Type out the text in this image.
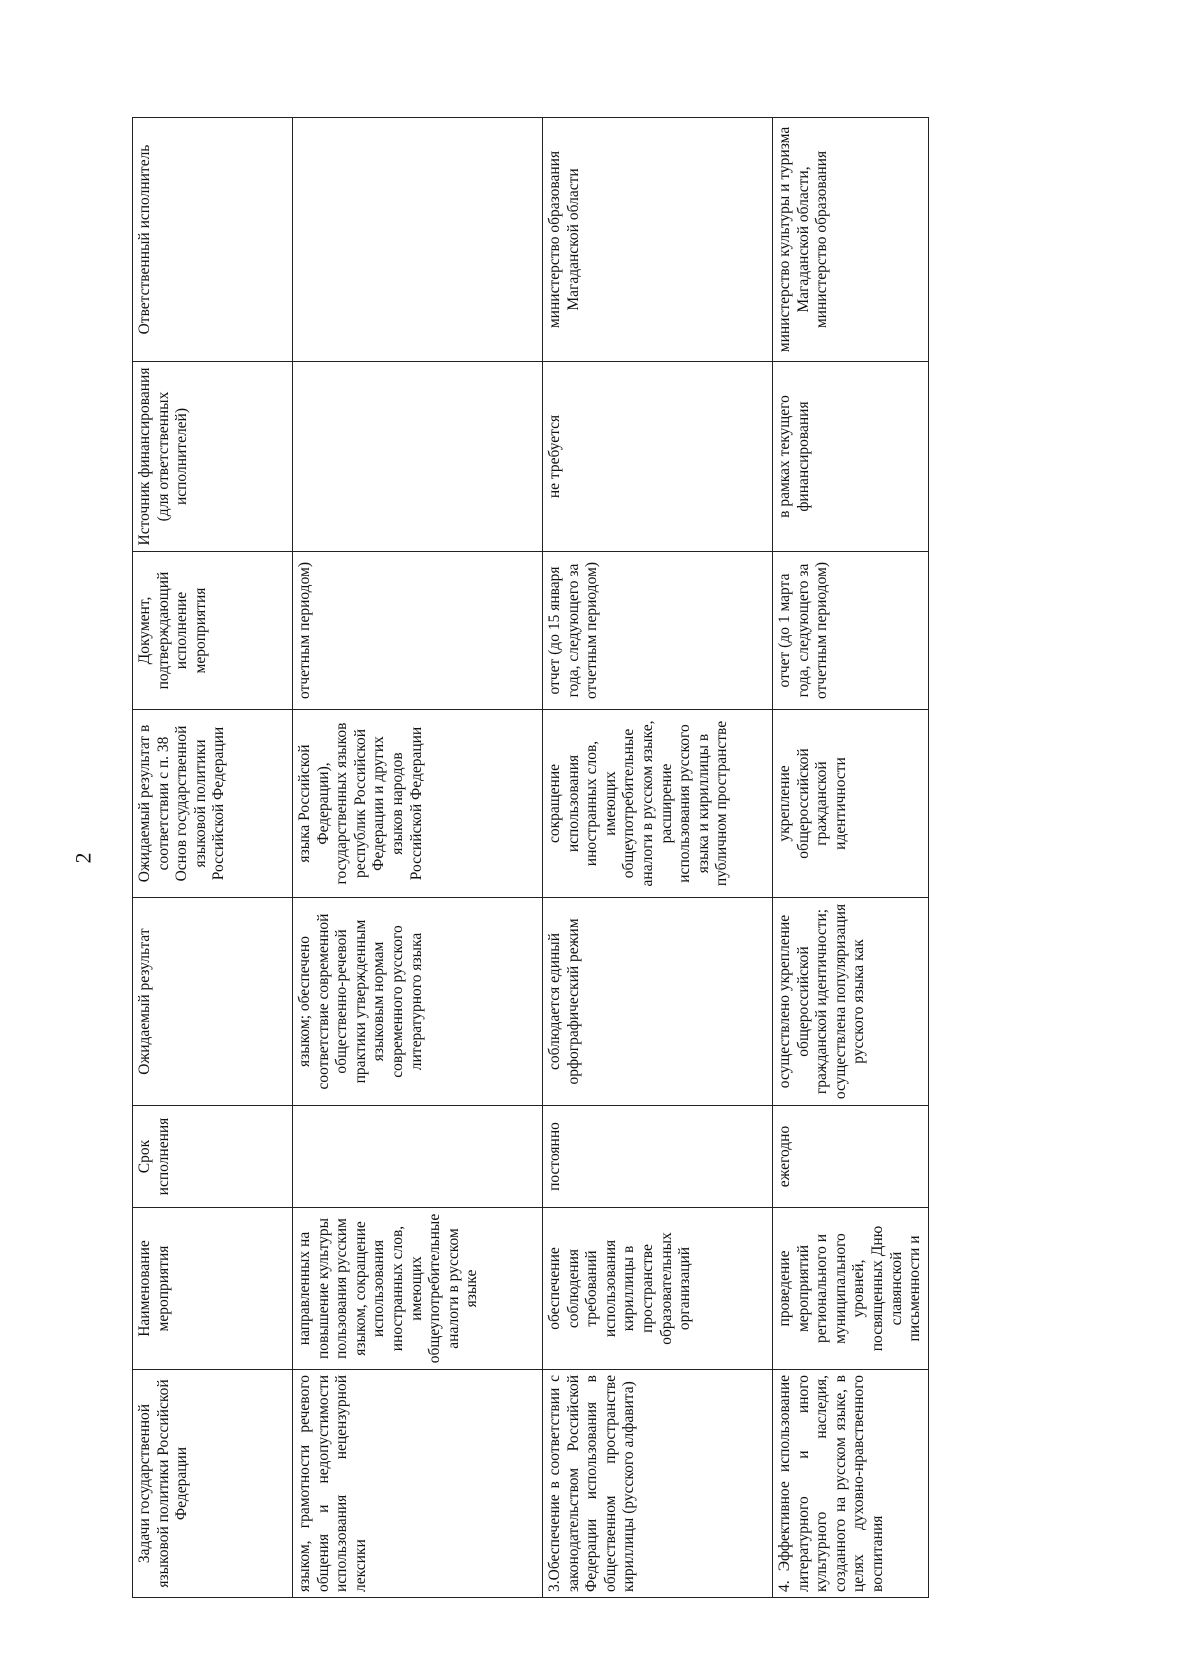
2
Задачи государственной языковой политики Российской Федерации	Наименование мероприятия	Срок исполнения	Ожидаемый результат	Ожидаемый результат в соответствии с п. 38 Основ государственной языковой политики Российской Федерации	Документ, подтверждающий исполнение мероприятия	Источник финансирования (для ответственных исполнителей)	Ответственный исполнитель
языком, грамотности речевого общения и недопустимости использования нецензурной лексики	направленных на повышение культуры пользования русским языком, сокращение использования иностранных слов, имеющих общеупотребительные аналоги в русском языке		языком; обеспечено соответствие современной общественно-речевой практики утвержденным языковым нормам современного русского литературного языка	языка Российской Федерации), государственных языков республик Российской Федерации и других языков народов Российской Федерации	отчетным периодом)		
3.Обеспечение в соответствии с законодательством Российской Федерации использования в общественном пространстве кириллицы (русского алфавита)	обеспечение соблюдения требований использования кириллицы в пространстве образовательных организаций	постоянно	соблюдается единый орфографический режим	сокращение использования иностранных слов, имеющих общеупотребительные аналоги в русском языке, расширение использования русского языка и кириллицы в публичном пространстве	отчет (до 15 января года, следующего за отчетным периодом)	не требуется	министерство образования Магаданской области
4. Эффективное использование литературного и иного культурного наследия, созданного на русском языке, в целях духовно-нравственного воспитания	проведение мероприятий регионального и муниципального уровней, посвященных Дню славянской письменности и	ежегодно	осуществлено укрепление общероссийской гражданской идентичности; осуществлена популяризация русского языка как	укрепление общероссийской гражданской идентичности	отчет (до 1 марта года, следующего за отчетным периодом)	в рамках текущего финансирования	министерство культуры и туризма Магаданской области, министерство образования
